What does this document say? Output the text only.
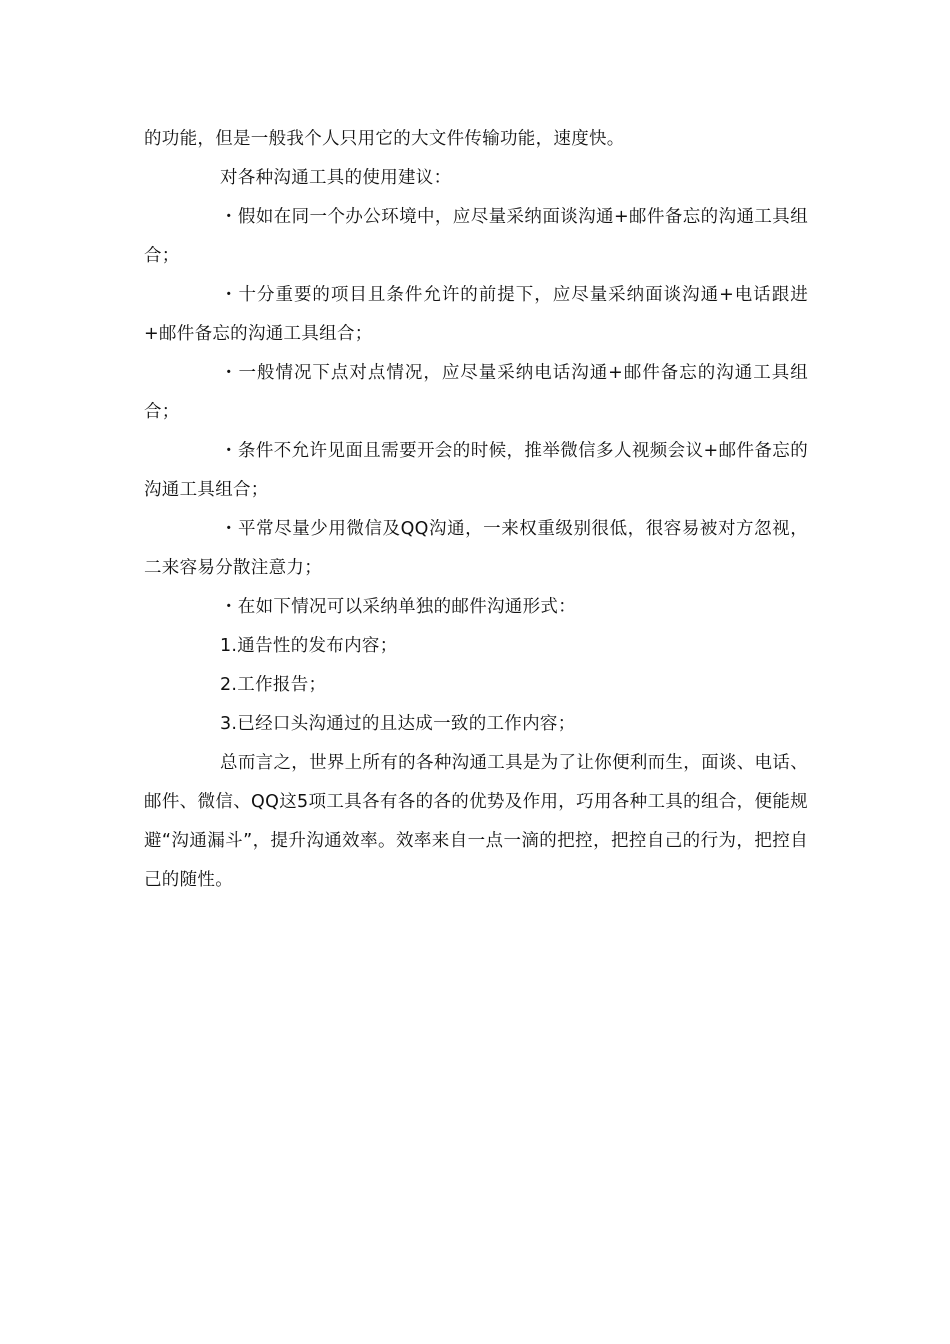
的功能，但是一般我个人只用它的大文件传输功能，速度快。

对各种沟通工具的使用建议：

・假如在同一个办公环境中，应尽量采纳面谈沟通+邮件备忘的沟通工具组合；

・十分重要的项目且条件允许的前提下，应尽量采纳面谈沟通+电话跟进+邮件备忘的沟通工具组合；

・一般情况下点对点情况，应尽量采纳电话沟通+邮件备忘的沟通工具组合；

・条件不允许见面且需要开会的时候，推举微信多人视频会议+邮件备忘的沟通工具组合；

・平常尽量少用微信及QQ沟通，一来权重级别很低，很容易被对方忽视，二来容易分散注意力；

・在如下情况可以采纳单独的邮件沟通形式：

1.通告性的发布内容；

2.工作报告；

3.已经口头沟通过的且达成一致的工作内容；

总而言之，世界上所有的各种沟通工具是为了让你便利而生，面谈、电话、邮件、微信、QQ这5项工具各有各的各的优势及作用，巧用各种工具的组合，便能规避“沟通漏斗”，提升沟通效率。效率来自一点一滴的把控，把控自己的行为，把控自己的随性。
